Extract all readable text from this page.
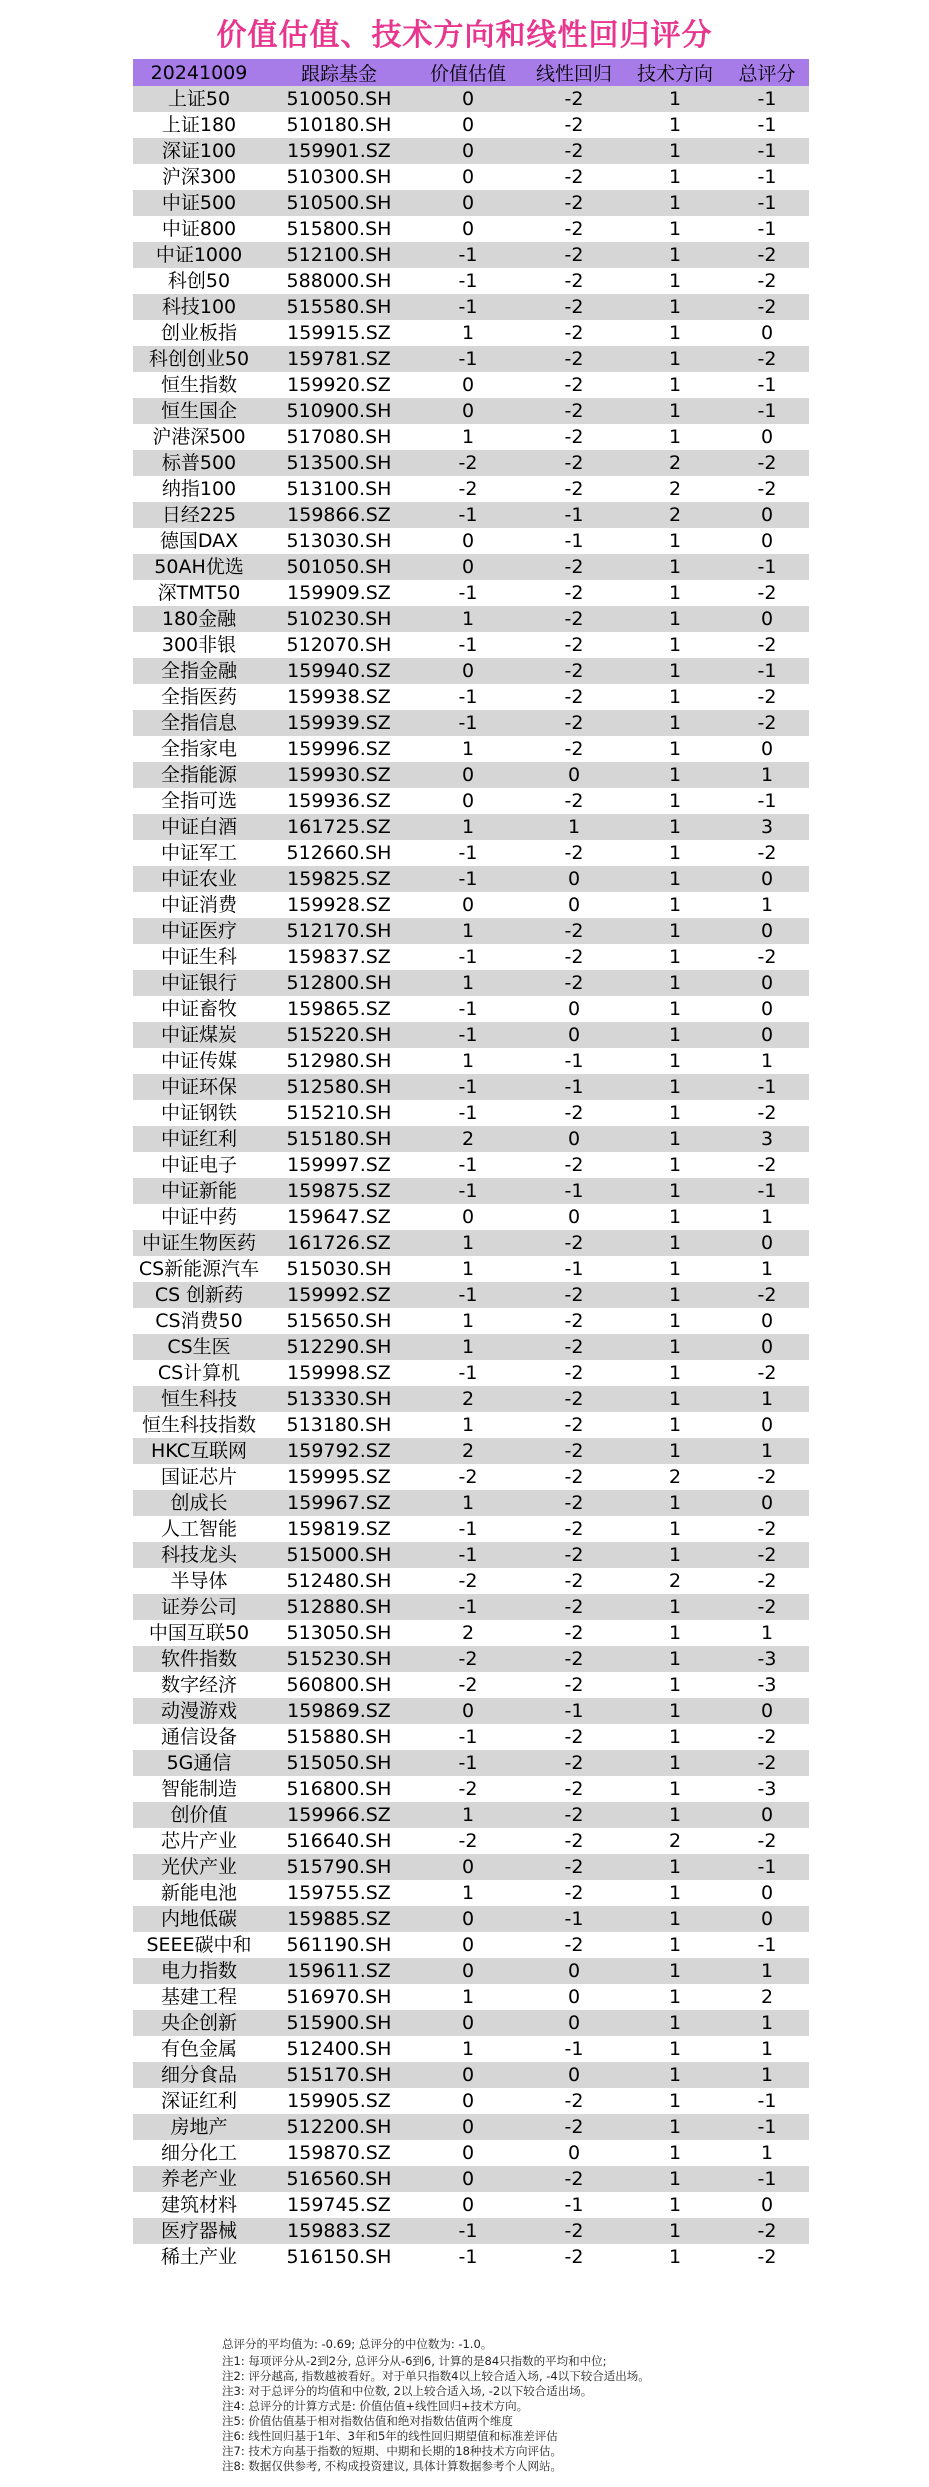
价值估值、技术方向和线性回归评分
20241009	跟踪基金	价值估值	线性回归	技术方向	总评分
上证50	510050.SH	0	-2	1	-1
上证180	510180.SH	0	-2	1	-1
深证100	159901.SZ	0	-2	1	-1
沪深300	510300.SH	0	-2	1	-1
中证500	510500.SH	0	-2	1	-1
中证800	515800.SH	0	-2	1	-1
中证1000	512100.SH	-1	-2	1	-2
科创50	588000.SH	-1	-2	1	-2
科技100	515580.SH	-1	-2	1	-2
创业板指	159915.SZ	1	-2	1	0
科创创业50	159781.SZ	-1	-2	1	-2
恒生指数	159920.SZ	0	-2	1	-1
恒生国企	510900.SH	0	-2	1	-1
沪港深500	517080.SH	1	-2	1	0
标普500	513500.SH	-2	-2	2	-2
纳指100	513100.SH	-2	-2	2	-2
日经225	159866.SZ	-1	-1	2	0
德国DAX	513030.SH	0	-1	1	0
50AH优选	501050.SH	0	-2	1	-1
深TMT50	159909.SZ	-1	-2	1	-2
180金融	510230.SH	1	-2	1	0
300非银	512070.SH	-1	-2	1	-2
全指金融	159940.SZ	0	-2	1	-1
全指医药	159938.SZ	-1	-2	1	-2
全指信息	159939.SZ	-1	-2	1	-2
全指家电	159996.SZ	1	-2	1	0
全指能源	159930.SZ	0	0	1	1
全指可选	159936.SZ	0	-2	1	-1
中证白酒	161725.SZ	1	1	1	3
中证军工	512660.SH	-1	-2	1	-2
中证农业	159825.SZ	-1	0	1	0
中证消费	159928.SZ	0	0	1	1
中证医疗	512170.SH	1	-2	1	0
中证生科	159837.SZ	-1	-2	1	-2
中证银行	512800.SH	1	-2	1	0
中证畜牧	159865.SZ	-1	0	1	0
中证煤炭	515220.SH	-1	0	1	0
中证传媒	512980.SH	1	-1	1	1
中证环保	512580.SH	-1	-1	1	-1
中证钢铁	515210.SH	-1	-2	1	-2
中证红利	515180.SH	2	0	1	3
中证电子	159997.SZ	-1	-2	1	-2
中证新能	159875.SZ	-1	-1	1	-1
中证中药	159647.SZ	0	0	1	1
中证生物医药	161726.SZ	1	-2	1	0
CS新能源汽车	515030.SH	1	-1	1	1
CS 创新药	159992.SZ	-1	-2	1	-2
CS消费50	515650.SH	1	-2	1	0
CS生医	512290.SH	1	-2	1	0
CS计算机	159998.SZ	-1	-2	1	-2
恒生科技	513330.SH	2	-2	1	1
恒生科技指数	513180.SH	1	-2	1	0
HKC互联网	159792.SZ	2	-2	1	1
国证芯片	159995.SZ	-2	-2	2	-2
创成长	159967.SZ	1	-2	1	0
人工智能	159819.SZ	-1	-2	1	-2
科技龙头	515000.SH	-1	-2	1	-2
半导体	512480.SH	-2	-2	2	-2
证券公司	512880.SH	-1	-2	1	-2
中国互联50	513050.SH	2	-2	1	1
软件指数	515230.SH	-2	-2	1	-3
数字经济	560800.SH	-2	-2	1	-3
动漫游戏	159869.SZ	0	-1	1	0
通信设备	515880.SH	-1	-2	1	-2
5G通信	515050.SH	-1	-2	1	-2
智能制造	516800.SH	-2	-2	1	-3
创价值	159966.SZ	1	-2	1	0
芯片产业	516640.SH	-2	-2	2	-2
光伏产业	515790.SH	0	-2	1	-1
新能电池	159755.SZ	1	-2	1	0
内地低碳	159885.SZ	0	-1	1	0
SEEE碳中和	561190.SH	0	-2	1	-1
电力指数	159611.SZ	0	0	1	1
基建工程	516970.SH	1	0	1	2
央企创新	515900.SH	0	0	1	1
有色金属	512400.SH	1	-1	1	1
细分食品	515170.SH	0	0	1	1
深证红利	159905.SZ	0	-2	1	-1
房地产	512200.SH	0	-2	1	-1
细分化工	159870.SZ	0	0	1	1
养老产业	516560.SH	0	-2	1	-1
建筑材料	159745.SZ	0	-1	1	0
医疗器械	159883.SZ	-1	-2	1	-2
稀土产业	516150.SH	-1	-2	1	-2
总评分的平均值为: -0.69; 总评分的中位数为: -1.0。
注1: 每项评分从-2到2分, 总评分从-6到6, 计算的是84只指数的平均和中位;
注2: 评分越高, 指数越被看好。对于单只指数4以上较合适入场, -4以下较合适出场。
注3: 对于总评分的均值和中位数, 2以上较合适入场, -2以下较合适出场。
注4: 总评分的计算方式是: 价值估值+线性回归+技术方向。
注5: 价值估值基于相对指数估值和绝对指数估值两个维度
注6: 线性回归基于1年、3年和5年的线性回归期望值和标准差评估
注7: 技术方向基于指数的短期、中期和长期的18种技术方向评估。
注8: 数据仅供参考, 不构成投资建议, 具体计算数据参考个人网站。
